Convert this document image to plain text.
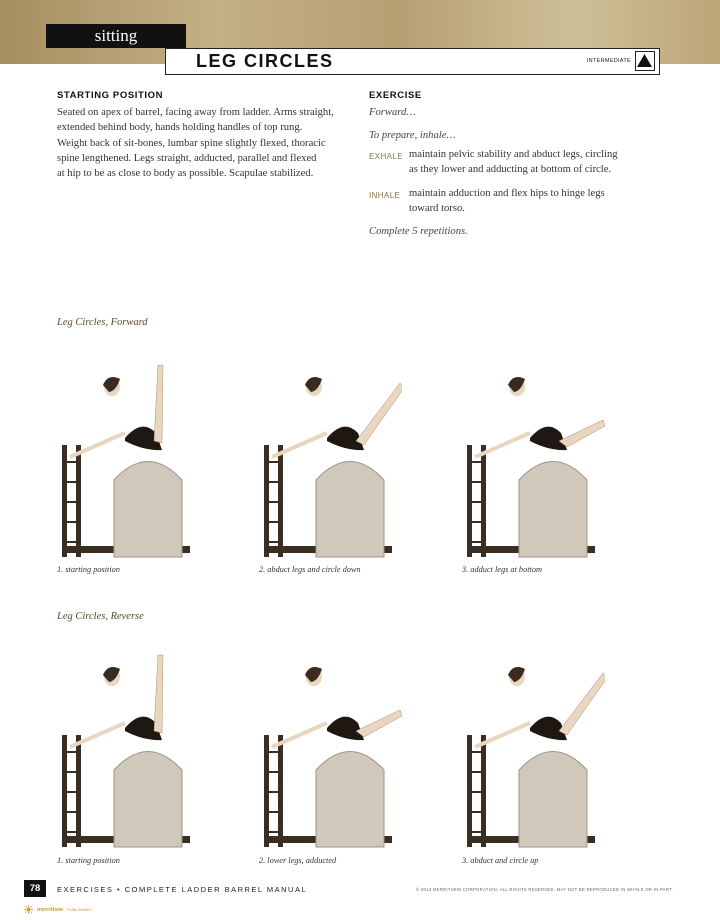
sitting
LEG CIRCLES	INTERMEDIATE
STARTING POSITION
Seated on apex of barrel, facing away from ladder. Arms straight,
extended behind body, hands holding handles of top rung.
Weight back of sit-bones, lumbar spine slightly flexed, thoracic
spine lengthened. Legs straight, adducted, parallel and flexed
at hip to be as close to body as possible. Scapulae stabilized.
EXERCISE
Forward…
To prepare, inhale…
EXHALE maintain pelvic stability and abduct legs, circling
as they lower and adducting at bottom of circle.
INHALE maintain adduction and flex hips to hinge legs
toward torso.
Complete 5 repetitions.
Leg Circles, Forward
1. starting position	2. abduct legs and circle down	3. adduct legs at bottom
Leg Circles, Reverse
1. starting position	2. lower legs, adducted	3. abduct and circle up
78	EXERCISES • COMPLETE LADDER BARREL MANUAL	© 2014 MERRITHEW CORPORATION. ALL RIGHTS RESERVED. MAY NOT BE REPRODUCED IN WHOLE OR IN PART.
merrithew PUBLISHING
